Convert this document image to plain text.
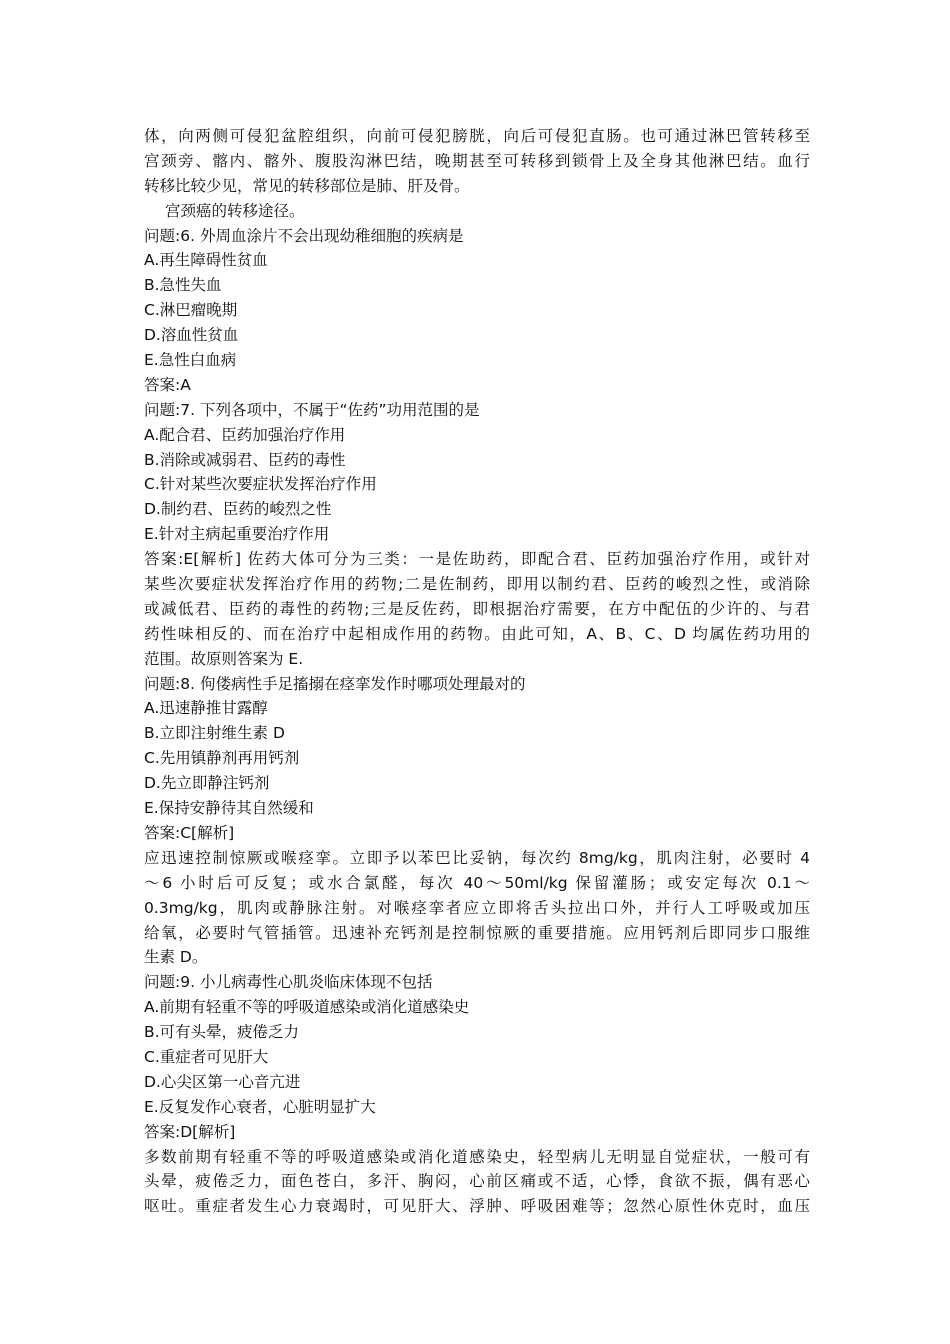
体，向两侧可侵犯盆腔组织，向前可侵犯膀胱，向后可侵犯直肠。也可通过淋巴管转移至
宫颈旁、髂内、髂外、腹股沟淋巴结，晚期甚至可转移到锁骨上及全身其他淋巴结。血行
转移比较少见，常见的转移部位是肺、肝及骨。
宫颈癌的转移途径。
问题:6. 外周血涂片不会出现幼稚细胞的疾病是
A.再生障碍性贫血
B.急性失血
C.淋巴瘤晚期
D.溶血性贫血
E.急性白血病
答案:A
问题:7. 下列各项中，不属于“佐药”功用范围的是
A.配合君、臣药加强治疗作用
B.消除或减弱君、臣药的毒性
C.针对某些次要症状发挥治疗作用
D.制约君、臣药的峻烈之性
E.针对主病起重要治疗作用
答案:E[解析] 佐药大体可分为三类：一是佐助药，即配合君、臣药加强治疗作用，或针对
某些次要症状发挥治疗作用的药物;二是佐制药，即用以制约君、臣药的峻烈之性，或消除
或减低君、臣药的毒性的药物;三是反佐药，即根据治疗需要，在方中配伍的少许的、与君
药性味相反的、而在治疗中起相成作用的药物。由此可知，A、B、C、D 均属佐药功用的
范围。故原则答案为 E.
问题:8. 佝偻病性手足搐搦在痉挛发作时哪项处理最对的
A.迅速静推甘露醇
B.立即注射维生素 D
C.先用镇静剂再用钙剂
D.先立即静注钙剂
E.保持安静待其自然缓和
答案:C[解析]
应迅速控制惊厥或喉痉挛。立即予以苯巴比妥钠，每次约 8mg/kg，肌肉注射，必要时 4
～6 小时后可反复；或水合氯醛，每次 40～50ml/kg 保留灌肠；或安定每次 0.1～
0.3mg/kg，肌肉或静脉注射。对喉痉挛者应立即将舌头拉出口外，并行人工呼吸或加压
给氧，必要时气管插管。迅速补充钙剂是控制惊厥的重要措施。应用钙剂后即同步口服维
生素 D。
问题:9. 小儿病毒性心肌炎临床体现不包括
A.前期有轻重不等的呼吸道感染或消化道感染史
B.可有头晕，疲倦乏力
C.重症者可见肝大
D.心尖区第一心音亢进
E.反复发作心衰者，心脏明显扩大
答案:D[解析]
多数前期有轻重不等的呼吸道感染或消化道感染史，轻型病儿无明显自觉症状，一般可有
头晕，疲倦乏力，面色苍白，多汗、胸闷，心前区痛或不适，心悸，食欲不振，偶有恶心
呕吐。重症者发生心力衰竭时，可见肝大、浮肿、呼吸困难等；忽然心原性休克时，血压
